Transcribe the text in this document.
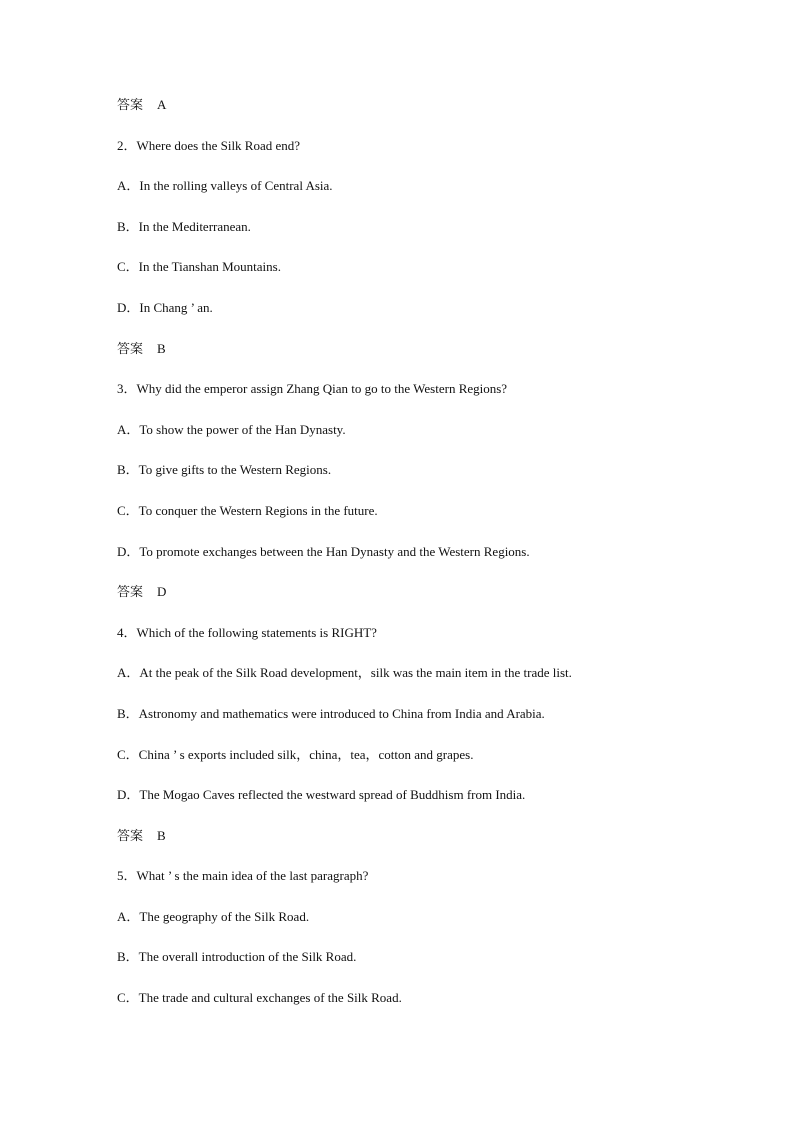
答案 A
2．Where does the Silk Road end?
A．In the rolling valleys of Central Asia.
B．In the Mediterranean.
C．In the Tianshan Mountains.
D．In Chang ’ an.
答案 B
3．Why did the emperor assign Zhang Qian to go to the Western Regions?
A．To show the power of the Han Dynasty.
B．To give gifts to the Western Regions.
C．To conquer the Western Regions in the future.
D．To promote exchanges between the Han Dynasty and the Western Regions.
答案 D
4．Which of the following statements is RIGHT?
A．At the peak of the Silk Road development，silk was the main item in the trade list.
B．Astronomy and mathematics were introduced to China from India and Arabia.
C．China ’ s exports included silk，china，tea，cotton and grapes.
D．The Mogao Caves reflected the westward spread of Buddhism from India.
答案 B
5．What ’ s the main idea of the last paragraph?
A．The geography of the Silk Road.
B．The overall introduction of the Silk Road.
C．The trade and cultural exchanges of the Silk Road.
